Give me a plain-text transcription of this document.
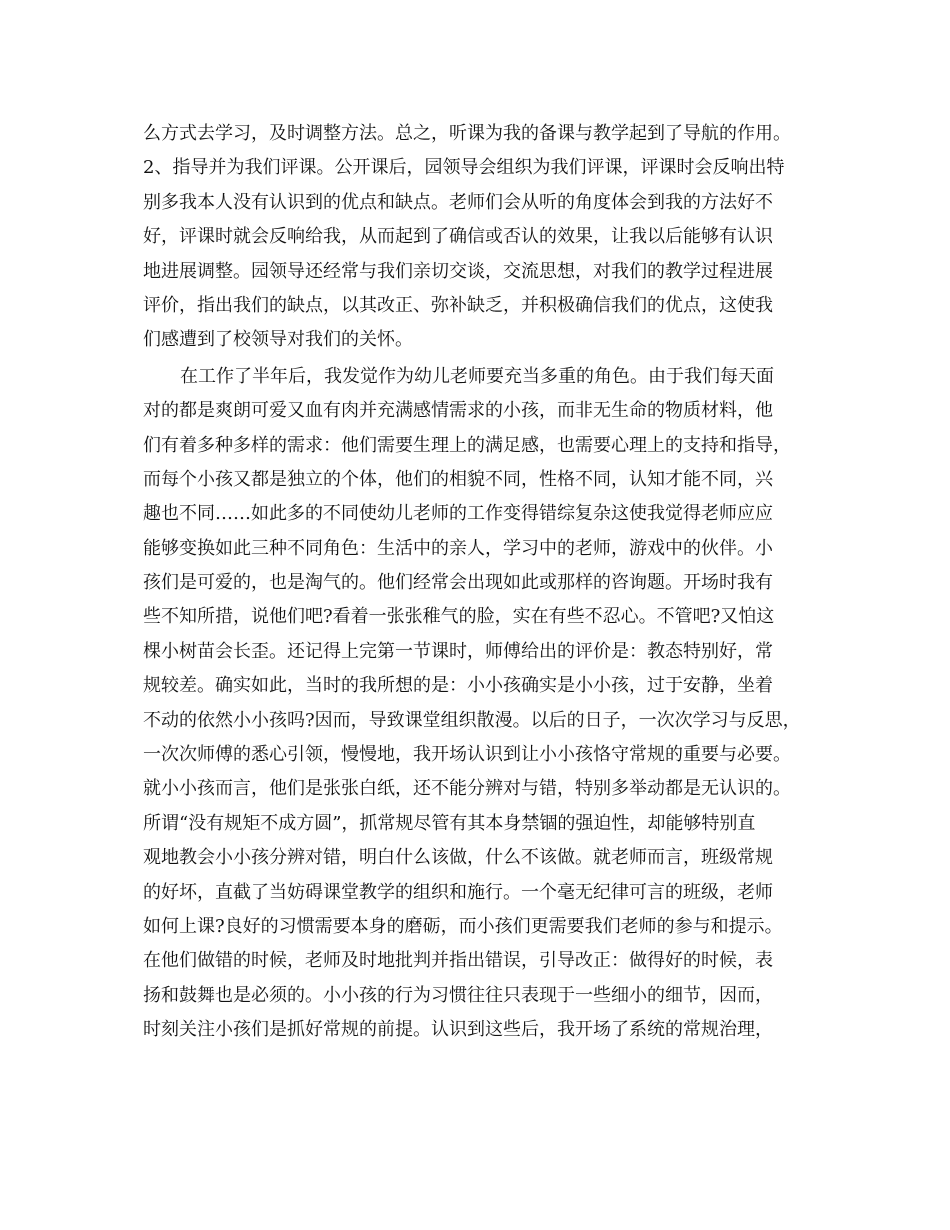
么方式去学习，及时调整方法。总之，听课为我的备课与教学起到了导航的作用。
2、指导并为我们评课。公开课后，园领导会组织为我们评课，评课时会反响出特
别多我本人没有认识到的优点和缺点。老师们会从听的角度体会到我的方法好不
好，评课时就会反响给我，从而起到了确信或否认的效果，让我以后能够有认识
地进展调整。园领导还经常与我们亲切交谈，交流思想，对我们的教学过程进展
评价，指出我们的缺点，以其改正、弥补缺乏，并积极确信我们的优点，这使我
们感遭到了校领导对我们的关怀。
在工作了半年后，我发觉作为幼儿老师要充当多重的角色。由于我们每天面
对的都是爽朗可爱又血有肉并充满感情需求的小孩，而非无生命的物质材料，他
们有着多种多样的需求：他们需要生理上的满足感，也需要心理上的支持和指导，
而每个小孩又都是独立的个体，他们的相貌不同，性格不同，认知才能不同，兴
趣也不同……如此多的不同使幼儿老师的工作变得错综复杂这使我觉得老师应应
能够变换如此三种不同角色：生活中的亲人，学习中的老师，游戏中的伙伴。小
孩们是可爱的，也是淘气的。他们经常会出现如此或那样的咨询题。开场时我有
些不知所措，说他们吧?看着一张张稚气的脸，实在有些不忍心。不管吧?又怕这
棵小树苗会长歪。还记得上完第一节课时，师傅给出的评价是：教态特别好，常
规较差。确实如此，当时的我所想的是：小小孩确实是小小孩，过于安静，坐着
不动的依然小小孩吗?因而，导致课堂组织散漫。以后的日子，一次次学习与反思，
一次次师傅的悉心引领，慢慢地，我开场认识到让小小孩恪守常规的重要与必要。
就小小孩而言，他们是张张白纸，还不能分辨对与错，特别多举动都是无认识的。
所谓“没有规矩不成方圆”，抓常规尽管有其本身禁锢的强迫性，却能够特别直
观地教会小小孩分辨对错，明白什么该做，什么不该做。就老师而言，班级常规
的好坏，直截了当妨碍课堂教学的组织和施行。一个毫无纪律可言的班级，老师
如何上课?良好的习惯需要本身的磨砺，而小孩们更需要我们老师的参与和提示。
在他们做错的时候，老师及时地批判并指出错误，引导改正：做得好的时候，表
扬和鼓舞也是必须的。小小孩的行为习惯往往只表现于一些细小的细节，因而，
时刻关注小孩们是抓好常规的前提。认识到这些后，我开场了系统的常规治理，
